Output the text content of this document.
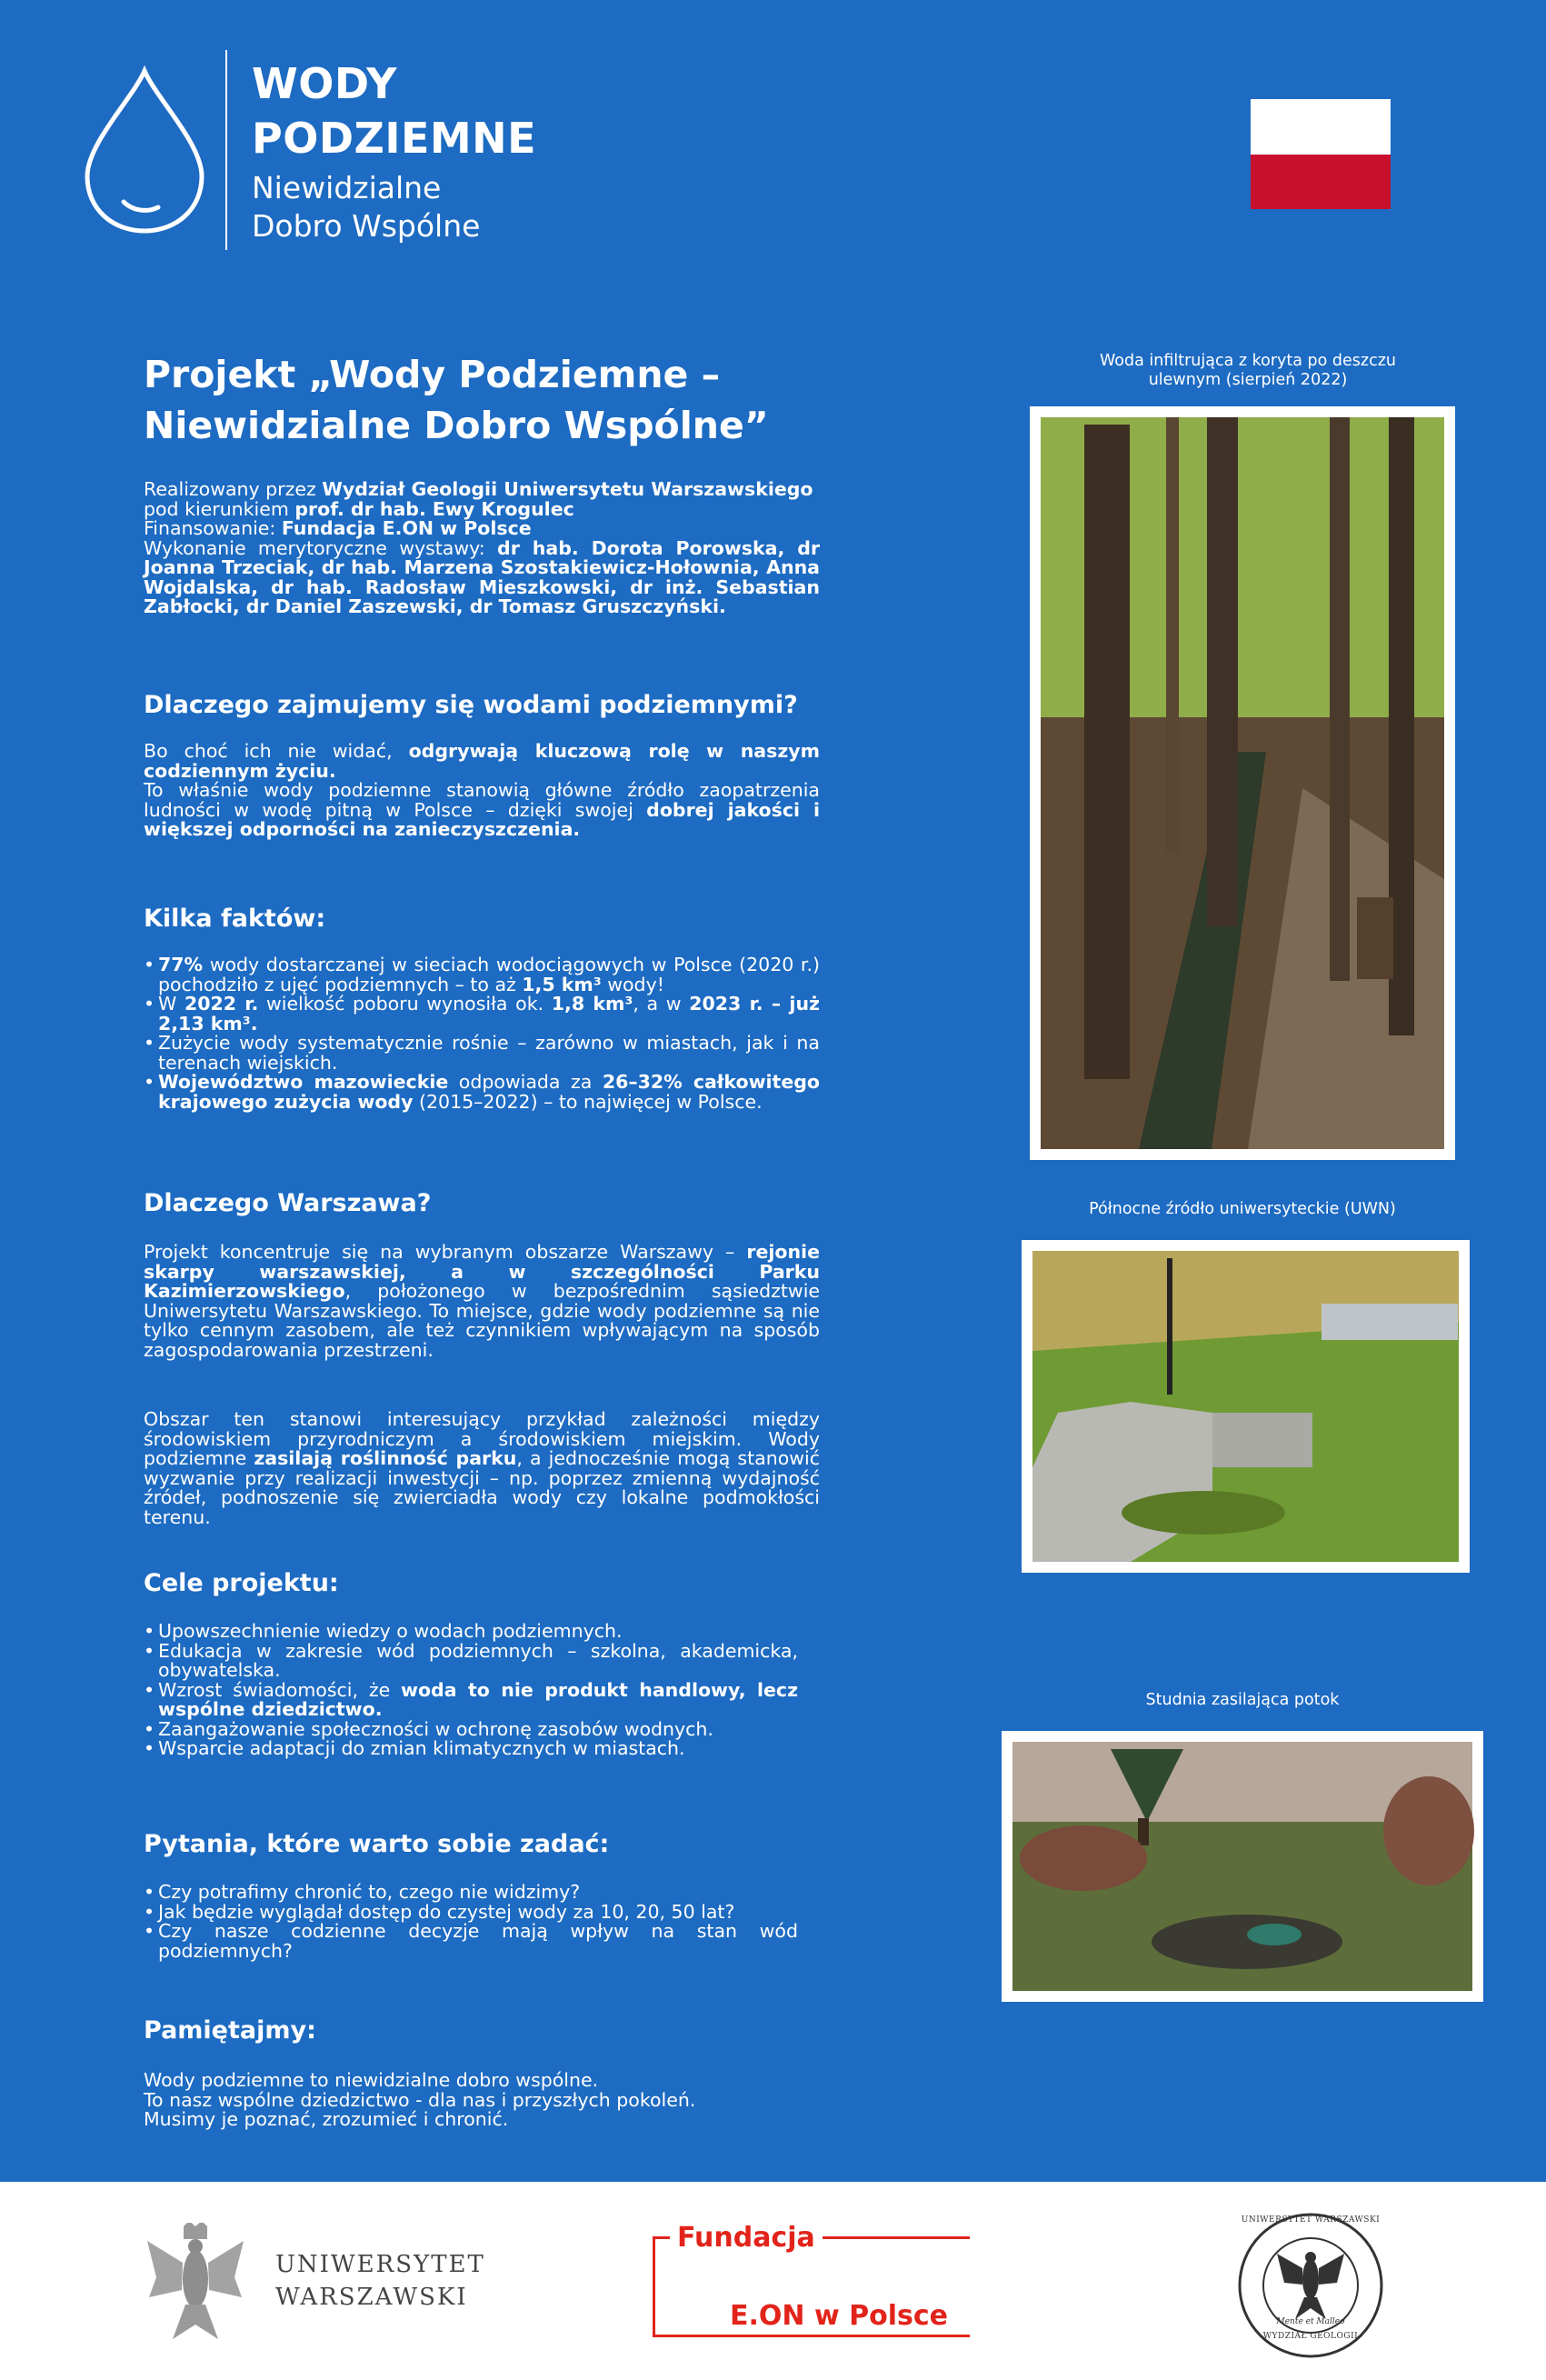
WODY
PODZIEMNE
Niewidzialne
Dobro Wspólne
Projekt „Wody Podziemne –
Niewidzialne Dobro Wspólne”
Realizowany przez Wydział Geologii Uniwersytetu Warszawskiego
pod kierunkiem prof. dr hab. Ewy Krogulec
Finansowanie: Fundacja E.ON w Polsce
Wykonanie merytoryczne wystawy: dr hab. Dorota Porowska, dr Joanna Trzeciak, dr hab. Marzena Szostakiewicz-Hołownia, Anna Wojdalska, dr hab. Radosław Mieszkowski, dr inż. Sebastian Zabłocki, dr Daniel Zaszewski, dr Tomasz Gruszczyński.
Dlaczego zajmujemy się wodami podziemnymi?
Bo choć ich nie widać, odgrywają kluczową rolę w naszym codziennym życiu.
To właśnie wody podziemne stanowią główne źródło zaopatrzenia ludności w wodę pitną w Polsce – dzięki swojej dobrej jakości i większej odporności na zanieczyszczenia.
Kilka faktów:
• 77% wody dostarczanej w sieciach wodociągowych w Polsce (2020 r.) pochodziło z ujęć podziemnych – to aż 1,5 km³ wody!
• W 2022 r. wielkość poboru wynosiła ok. 1,8 km³, a w 2023 r. – już 2,13 km³.
• Zużycie wody systematycznie rośnie – zarówno w miastach, jak i na terenach wiejskich.
• Województwo mazowieckie odpowiada za 26–32% całkowitego krajowego zużycia wody (2015–2022) – to najwięcej w Polsce.
Dlaczego Warszawa?
Projekt koncentruje się na wybranym obszarze Warszawy – rejonie skarpy warszawskiej, a w szczególności Parku Kazimierzowskiego, położonego w bezpośrednim sąsiedztwie Uniwersytetu Warszawskiego. To miejsce, gdzie wody podziemne są nie tylko cennym zasobem, ale też czynnikiem wpływającym na sposób zagospodarowania przestrzeni.
Obszar ten stanowi interesujący przykład zależności między środowiskiem przyrodniczym a środowiskiem miejskim. Wody podziemne zasilają roślinność parku, a jednocześnie mogą stanowić wyzwanie przy realizacji inwestycji – np. poprzez zmienną wydajność źródeł, podnoszenie się zwierciadła wody czy lokalne podmokłości terenu.
Cele projektu:
• Upowszechnienie wiedzy o wodach podziemnych.
• Edukacja w zakresie wód podziemnych – szkolna, akademicka, obywatelska.
• Wzrost świadomości, że woda to nie produkt handlowy, lecz wspólne dziedzictwo.
• Zaangażowanie społeczności w ochronę zasobów wodnych.
• Wsparcie adaptacji do zmian klimatycznych w miastach.
Pytania, które warto sobie zadać:
• Czy potrafimy chronić to, czego nie widzimy?
• Jak będzie wyglądał dostęp do czystej wody za 10, 20, 50 lat?
• Czy nasze codzienne decyzje mają wpływ na stan wód podziemnych?
Pamiętajmy:
Wody podziemne to niewidzialne dobro wspólne.
To nasz wspólne dziedzictwo - dla nas i przyszłych pokoleń.
Musimy je poznać, zrozumieć i chronić.
Woda infiltrująca z koryta po deszczu ulewnym (sierpień 2022)
Północne źródło uniwersyteckie (UWN)
Studnia zasilająca potok
UNIWERSYTET
WARSZAWSKI
Fundacja
E.ON w Polsce
UNIWERSYTET WARSZAWSKI
WYDZIAŁ GEOLOGII
Mente et Malleo
